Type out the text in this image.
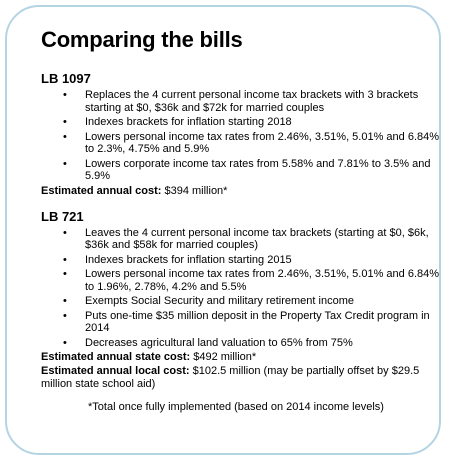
Comparing the bills
LB 1097
• Replaces the 4 current personal income tax brackets with 3 brackets starting at $0, $36k and $72k for married couples
• Indexes brackets for inflation starting 2018
• Lowers personal income tax rates from 2.46%, 3.51%, 5.01% and 6.84% to 2.3%, 4.75% and 5.9%
• Lowers corporate income tax rates from 5.58% and 7.81% to 3.5% and 5.9%

Estimated annual cost: $394 million*

LB 721
• Leaves the 4 current personal income tax brackets (starting at $0, $6k, $36k and $58k for married couples)
• Indexes brackets for inflation starting 2015
• Lowers personal income tax rates from 2.46%, 3.51%, 5.01% and 6.84% to 1.96%, 2.78%, 4.2% and 5.5%
• Exempts Social Security and military retirement income
• Puts one-time $35 million deposit in the Property Tax Credit program in 2014
• Decreases agricultural land valuation to 65% from 75%

Estimated annual state cost: $492 million*

Estimated annual local cost: $102.5 million (may be partially offset by $29.5 million state school aid)

*Total once fully implemented (based on 2014 income levels)
